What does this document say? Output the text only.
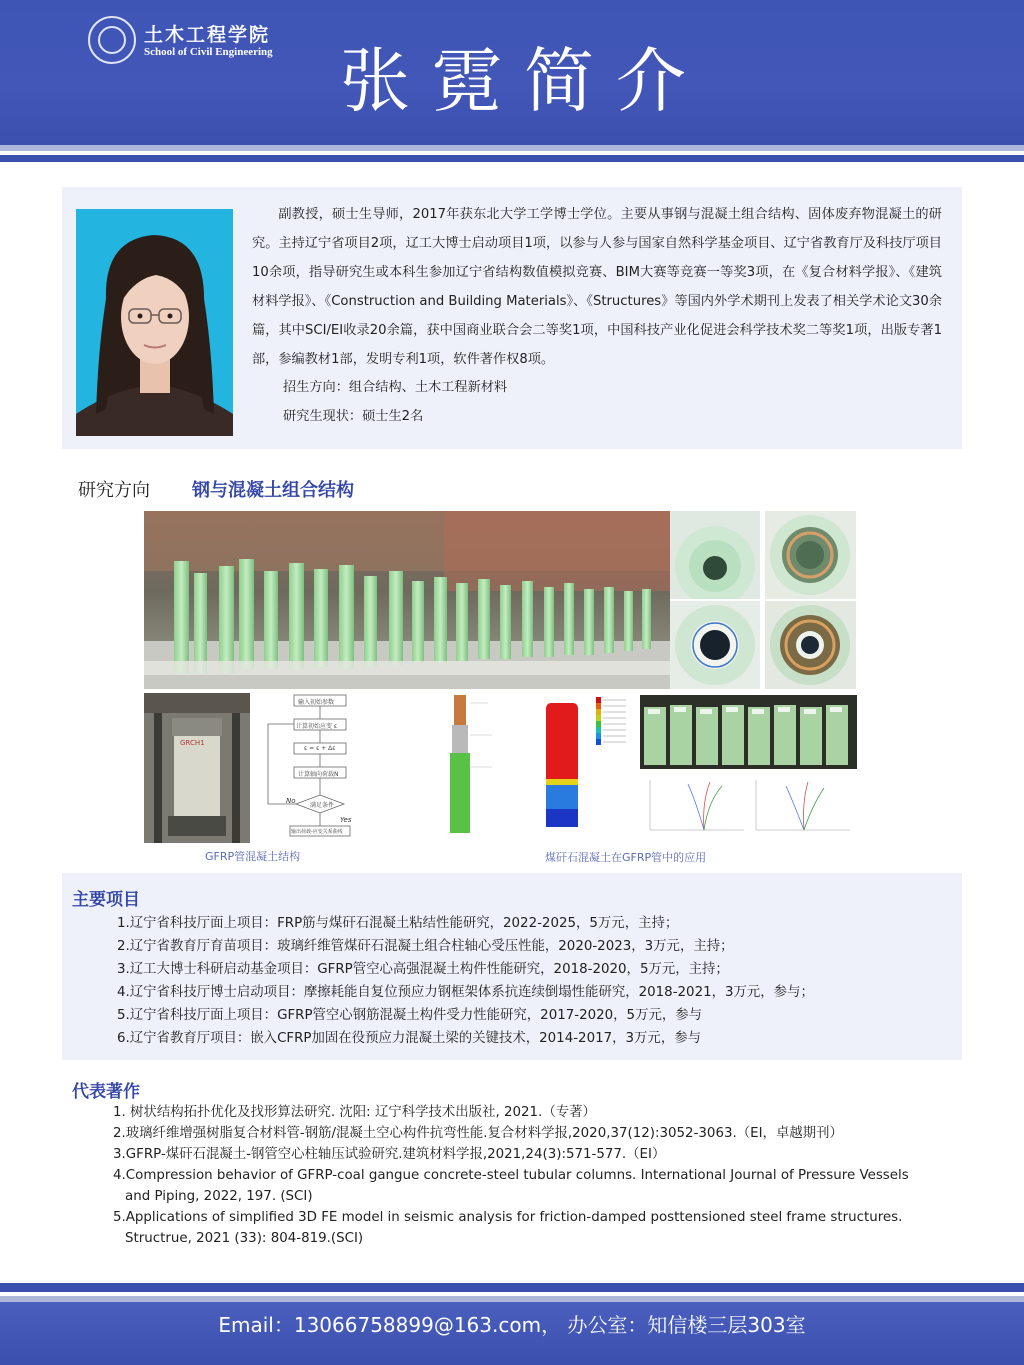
土木工程学院
School of Civil Engineering 张霓简介
副教授，硕士生导师，2017年获东北大学工学博士学位。主要从事钢与混凝土组合结构、固体废弃物混凝土的研究。主持辽宁省项目2项，辽工大博士启动项目1项，以参与人参与国家自然科学基金项目、辽宁省教育厅及科技厅项目10余项，指导研究生或本科生参加辽宁省结构数值模拟竞赛、BIM大赛等竞赛一等奖3项，在《复合材料学报》、《建筑材料学报》、《Construction and Building Materials》、《Structures》等国内外学术期刊上发表了相关学术论文30余篇，其中SCI/EI收录20余篇，获中国商业联合会二等奖1项，中国科技产业化促进会科学技术奖二等奖1项，出版专著1部，参编教材1部，发明专利1项，软件著作权8项。
招生方向：组合结构、土木工程新材料
研究生现状：硕士生2名
研究方向 钢与混凝土组合结构
GRCH1
输入初始参数
计算初始应变 ε
ε = ε + Δε
计算轴向荷载N
满足条件
输出荷载-应变关系曲线
No
Yes
GFRP管混凝土结构	煤矸石混凝土在GFRP管中的应用
主要项目
1.辽宁省科技厅面上项目：FRP筋与煤矸石混凝土粘结性能研究，2022-2025，5万元，主持；
2.辽宁省教育厅育苗项目：玻璃纤维管煤矸石混凝土组合柱轴心受压性能，2020-2023，3万元，主持；
3.辽工大博士科研启动基金项目：GFRP管空心高强混凝土构件性能研究，2018-2020，5万元，主持；
4.辽宁省科技厅博士启动项目：摩擦耗能自复位预应力钢框架体系抗连续倒塌性能研究，2018-2021，3万元，参与；
5.辽宁省科技厅面上项目：GFRP管空心钢筋混凝土构件受力性能研究，2017-2020，5万元，参与
6.辽宁省教育厅项目：嵌入CFRP加固在役预应力混凝土梁的关键技术，2014-2017，3万元，参与
代表著作
1. 树状结构拓扑优化及找形算法研究. 沈阳: 辽宁科学技术出版社, 2021.（专著）
2.玻璃纤维增强树脂复合材料管-钢筋/混凝土空心构件抗弯性能.复合材料学报,2020,37(12):3052-3063.（EI，卓越期刊）
3.GFRP-煤矸石混凝土-钢管空心柱轴压试验研究.建筑材料学报,2021,24(3):571-577.（EI）
4.Compression behavior of GFRP-coal gangue concrete-steel tubular columns. International Journal of Pressure Vessels and Piping, 2022, 197. (SCI)
5.Applications of simplified 3D FE model in seismic analysis for friction-damped posttensioned steel frame structures. Structrue, 2021 (33): 804-819.(SCI)
Email：13066758899@163.com， 办公室：知信楼三层303室
